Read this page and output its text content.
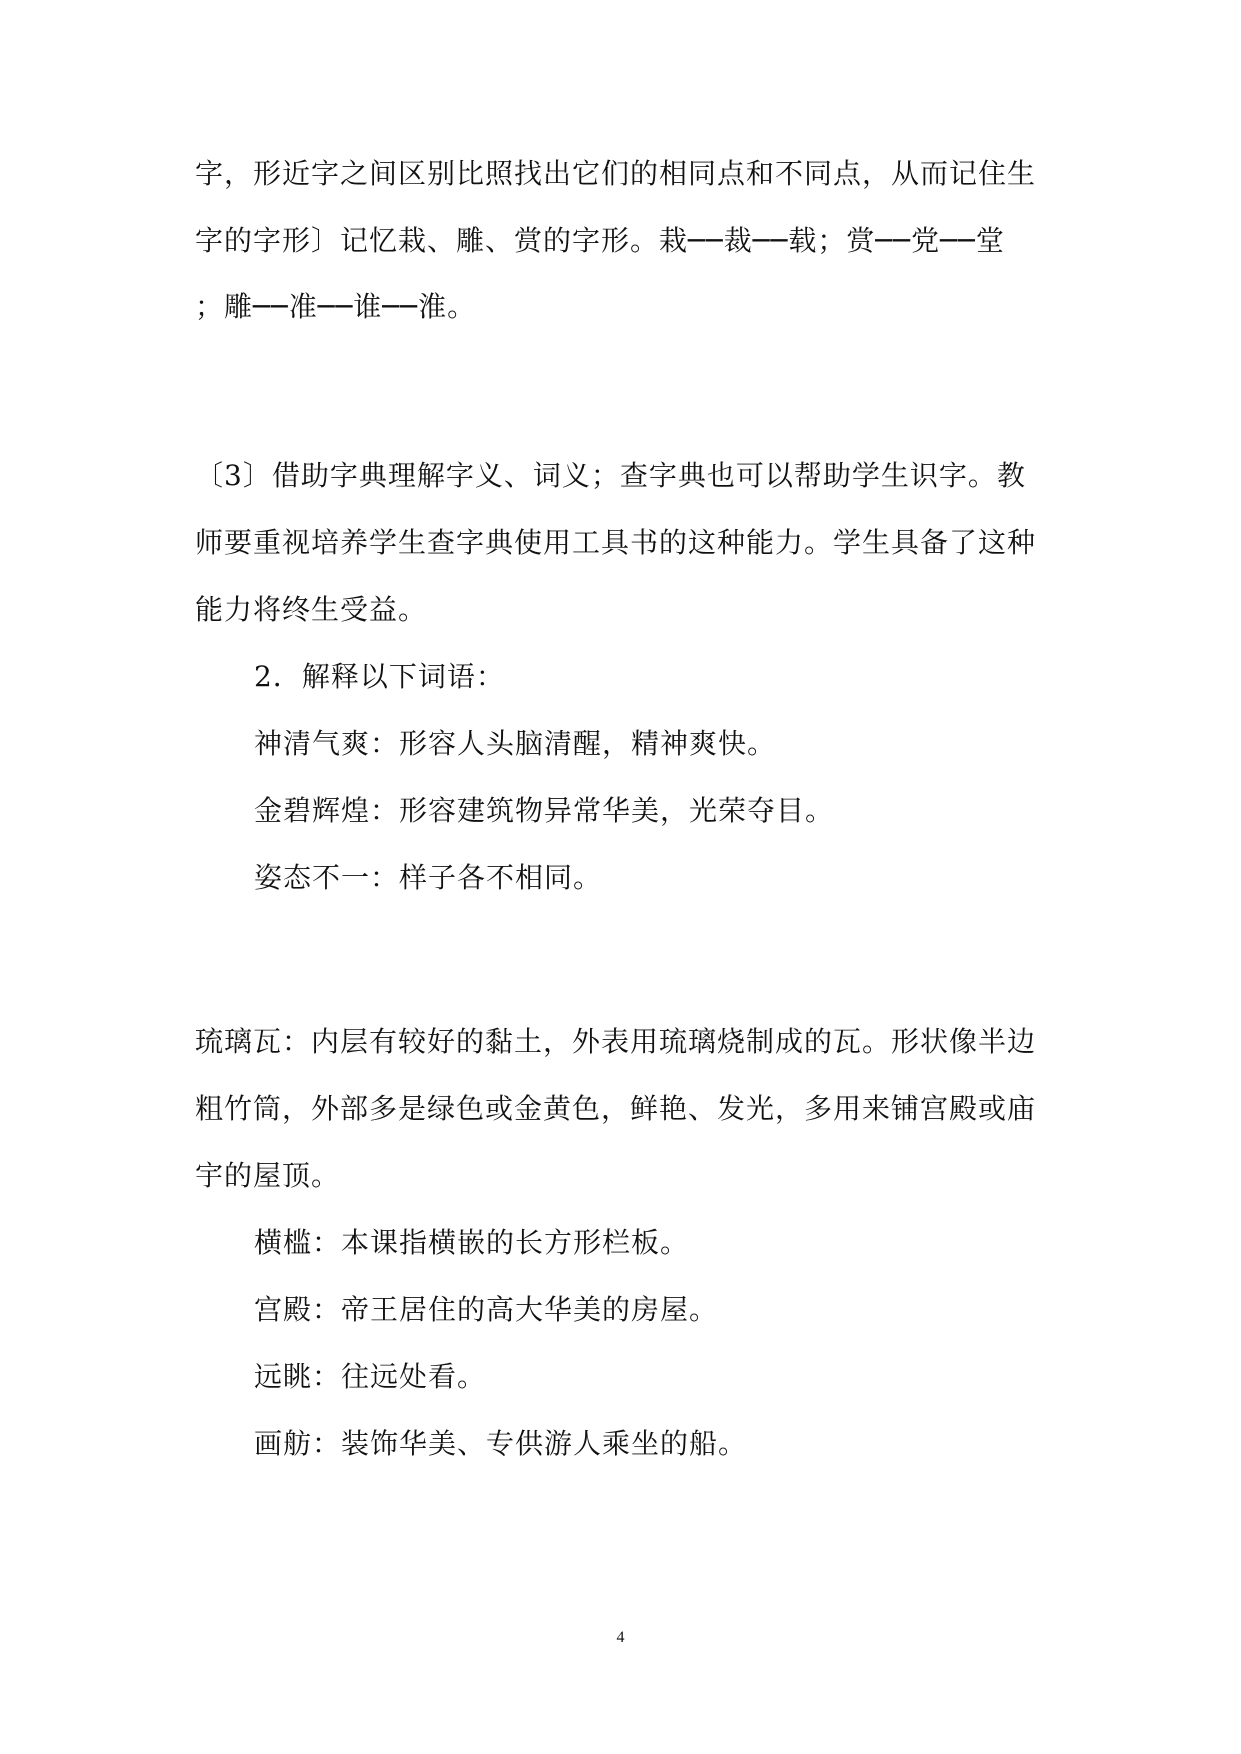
字，形近字之间区别比照找出它们的相同点和不同点，从而记住生
字的字形〕记忆栽、雕、赏的字形。栽──裁──载；赏──党──堂
；雕──准──谁──淮。
〔3〕借助字典理解字义、词义；查字典也可以帮助学生识字。教
师要重视培养学生查字典使用工具书的这种能力。学生具备了这种
能力将终生受益。
2．解释以下词语：
神清气爽：形容人头脑清醒，精神爽快。
金碧辉煌：形容建筑物异常华美，光荣夺目。
姿态不一：样子各不相同。
琉璃瓦：内层有较好的黏土，外表用琉璃烧制成的瓦。形状像半边
粗竹筒，外部多是绿色或金黄色，鲜艳、发光，多用来铺宫殿或庙
宇的屋顶。
横槛：本课指横嵌的长方形栏板。
宫殿：帝王居住的高大华美的房屋。
远眺：往远处看。
画舫：装饰华美、专供游人乘坐的船。
4
